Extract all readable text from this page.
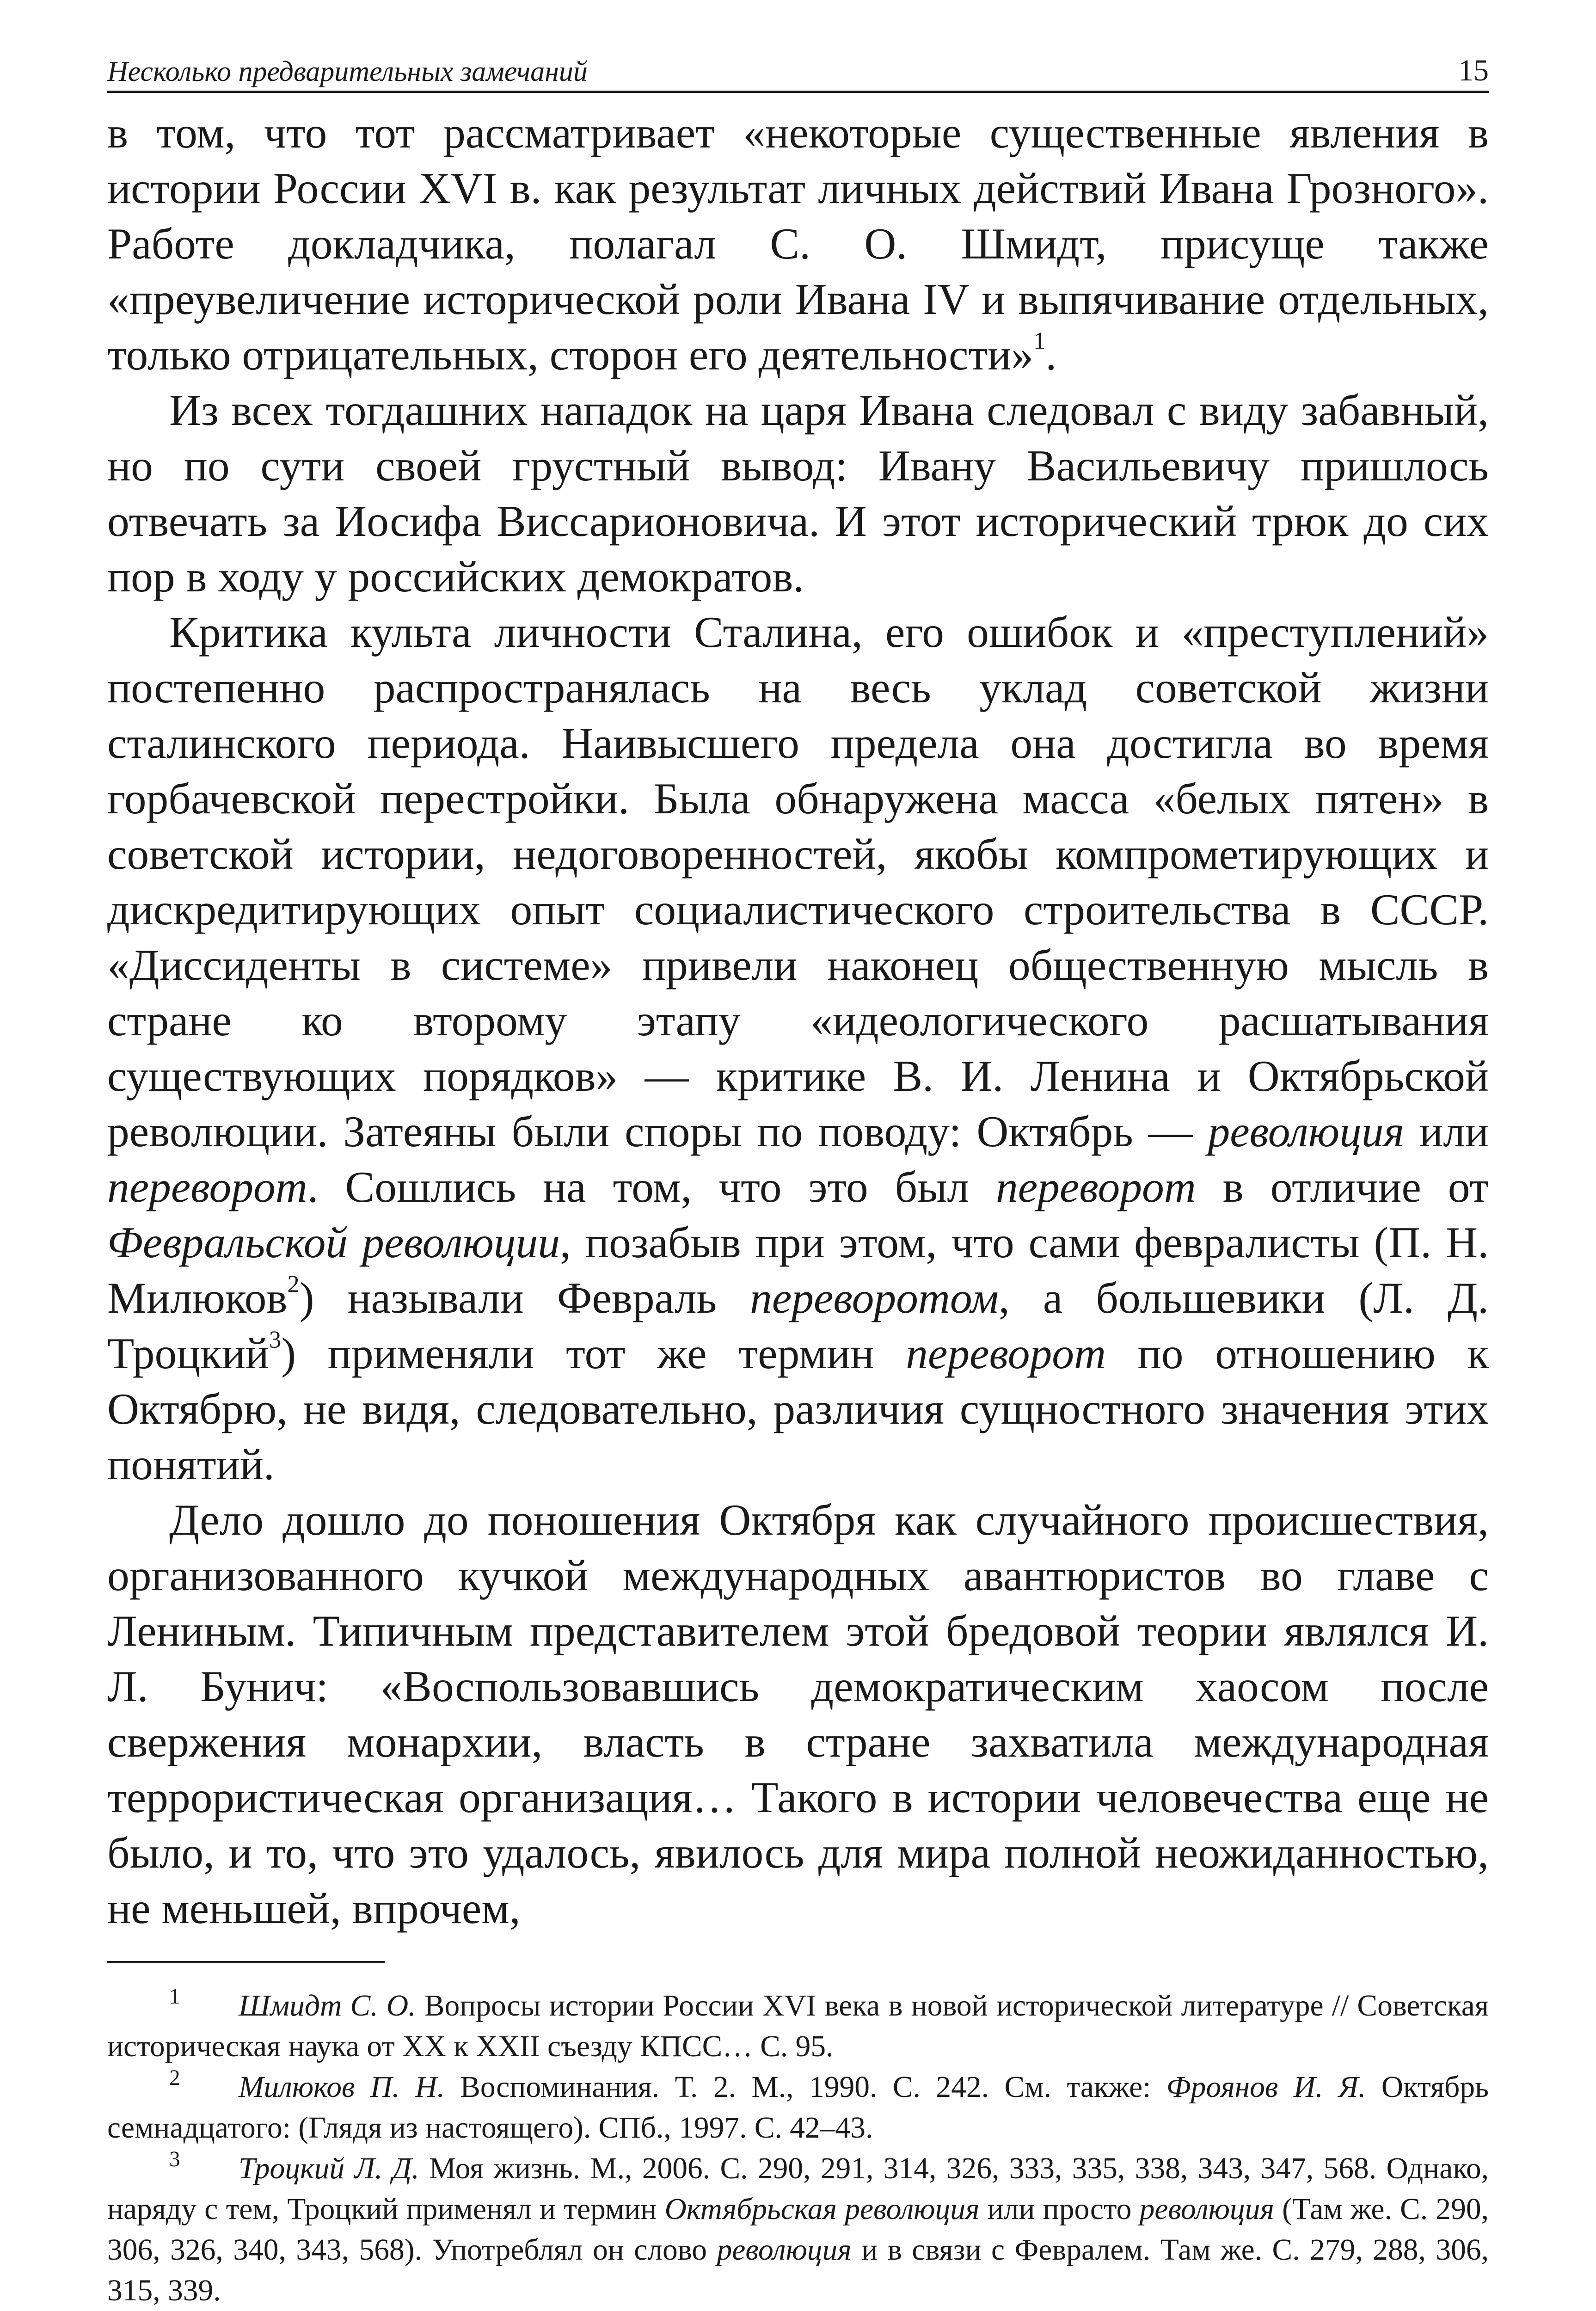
Несколько предварительных замечаний	15

в том, что тот рассматривает «некоторые существенные явления в истории России XVI в. как результат личных действий Ивана Грозного». Работе докладчика, полагал С. О. Шмидт, присуще также «преувеличение исторической роли Ивана IV и выпячивание отдельных, только отрицательных, сторон его деятельности»$^1$.

Из всех тогдашних нападок на царя Ивана следовал с виду забавный, но по сути своей грустный вывод: Ивану Васильевичу пришлось отвечать за Иосифа Виссарионовича. И этот исторический трюк до сих пор в ходу у российских демократов.

Критика культа личности Сталина, его ошибок и «преступлений» постепенно распространялась на весь уклад советской жизни сталинского периода. Наивысшего предела она достигла во время горбачевской перестройки. Была обнаружена масса «белых пятен» в советской истории, недоговоренностей, якобы компрометирующих и дискредитирующих опыт социалистического строительства в СССР. «Диссиденты в системе» привели наконец общественную мысль в стране ко второму этапу «идеологического расшатывания существующих порядков» — критике В. И. Ленина и Октябрьской революции. Затеяны были споры по поводу: Октябрь — революция или переворот. Сошлись на том, что это был переворот в отличие от Февральской революции, позабыв при этом, что сами февралисты (П. Н. Милюков$^2$) называли Февраль переворотом, а большевики (Л. Д. Троцкий$^3$) применяли тот же термин переворот по отношению к Октябрю, не видя, следовательно, различия сущностного значения этих понятий.

Дело дошло до поношения Октября как случайного происшествия, организованного кучкой международных авантюристов во главе с Лениным. Типичным представителем этой бредовой теории являлся И. Л. Бунич: «Воспользовавшись демократическим хаосом после свержения монархии, власть в стране захватила международная террористическая организация… Такого в истории человечества еще не было, и то, что это удалось, явилось для мира полной неожиданностью, не меньшей, впрочем,

1 Шмидт С. О. Вопросы истории России XVI века в новой исторической литературе // Советская историческая наука от XX к XXII съезду КПСС… С. 95.

2 Милюков П. Н. Воспоминания. Т. 2. М., 1990. С. 242. См. также: Фроянов И. Я. Октябрь семнадцатого: (Глядя из настоящего). СПб., 1997. С. 42–43.

3 Троцкий Л. Д. Моя жизнь. М., 2006. С. 290, 291, 314, 326, 333, 335, 338, 343, 347, 568. Однако, наряду с тем, Троцкий применял и термин Октябрьская революция или просто революция (Там же. С. 290, 306, 326, 340, 343, 568). Употреблял он слово революция и в связи с Февралем. Там же. С. 279, 288, 306, 315, 339.
